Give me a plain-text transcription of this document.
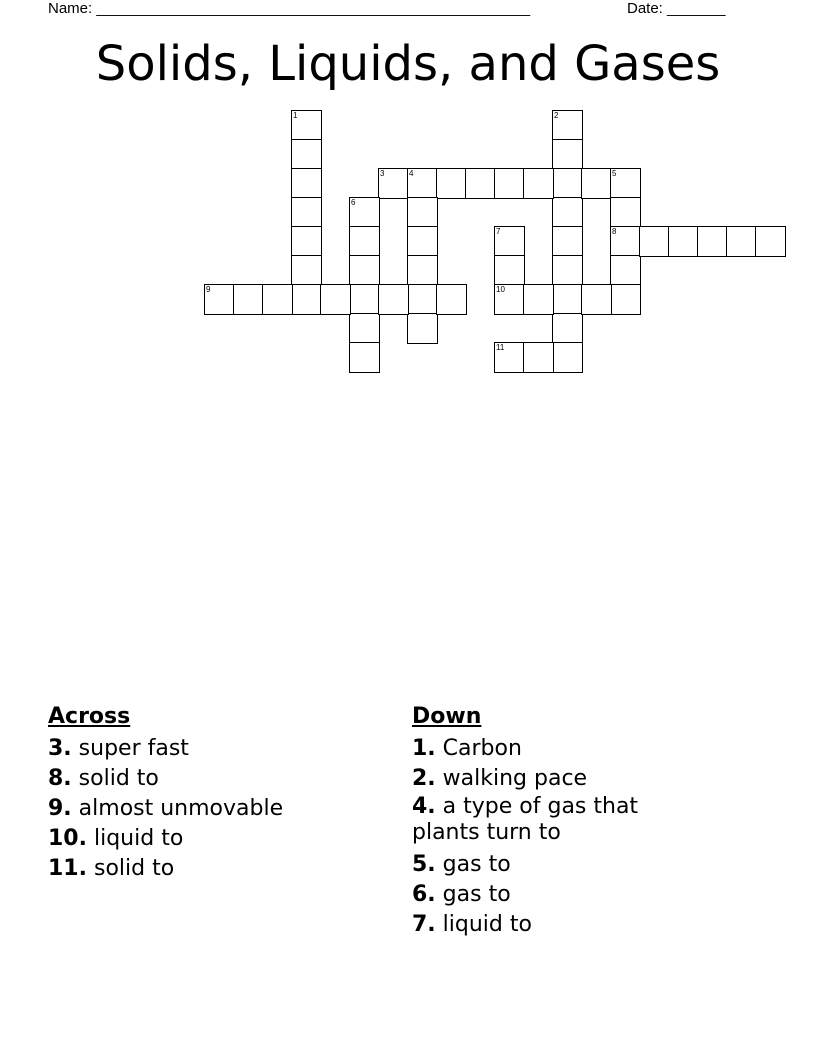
Name: ____________________________________________________	Date: _______
Solids, Liquids, and Gases
1	2
3	4	5
8
6
7
10
9
11
Across
3. super fast
8. solid to
9. almost unmovable
10. liquid to
11. solid to
Down
1. Carbon
2. walking pace
4. a type of gas that plants turn to
5. gas to
6. gas to
7. liquid to
